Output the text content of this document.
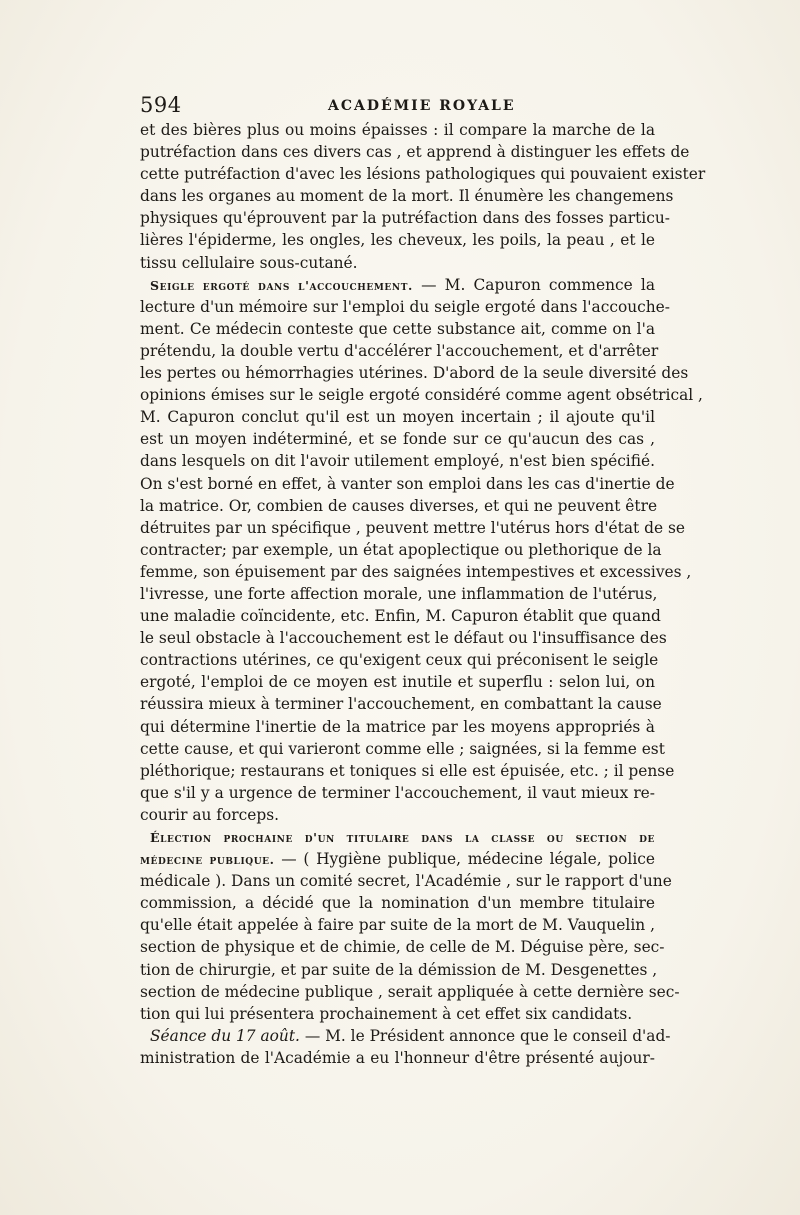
594	ACADÉMIE ROYALE
et des bières plus ou moins épaisses : il compare la marche de la
putréfaction dans ces divers cas , et apprend à distinguer les effets de
cette putréfaction d'avec les lésions pathologiques qui pouvaient exister
dans les organes au moment de la mort. Il énumère les changemens
physiques qu'éprouvent par la putréfaction dans des fosses particu-
lières l'épiderme, les ongles, les cheveux, les poils, la peau , et le
tissu cellulaire sous-cutané.
Seigle ergoté dans l'accouchement. — M. Capuron commence la
lecture d'un mémoire sur l'emploi du seigle ergoté dans l'accouche-
ment. Ce médecin conteste que cette substance ait, comme on l'a
prétendu, la double vertu d'accélérer l'accouchement, et d'arrêter
les pertes ou hémorrhagies utérines. D'abord de la seule diversité des
opinions émises sur le seigle ergoté considéré comme agent obsétrical ,
M. Capuron conclut qu'il est un moyen incertain ; il ajoute qu'il
est un moyen indéterminé, et se fonde sur ce qu'aucun des cas ,
dans lesquels on dit l'avoir utilement employé, n'est bien spécifié.
On s'est borné en effet, à vanter son emploi dans les cas d'inertie de
la matrice. Or, combien de causes diverses, et qui ne peuvent être
détruites par un spécifique , peuvent mettre l'utérus hors d'état de se
contracter; par exemple, un état apoplectique ou plethorique de la
femme, son épuisement par des saignées intempestives et excessives ,
l'ivresse, une forte affection morale, une inflammation de l'utérus,
une maladie coïncidente, etc. Enfin, M. Capuron établit que quand
le seul obstacle à l'accouchement est le défaut ou l'insuffisance des
contractions utérines, ce qu'exigent ceux qui préconisent le seigle
ergoté, l'emploi de ce moyen est inutile et superflu : selon lui, on
réussira mieux à terminer l'accouchement, en combattant la cause
qui détermine l'inertie de la matrice par les moyens appropriés à
cette cause, et qui varieront comme elle ; saignées, si la femme est
pléthorique; restaurans et toniques si elle est épuisée, etc. ; il pense
que s'il y a urgence de terminer l'accouchement, il vaut mieux re-
courir au forceps.
Élection prochaine d'un titulaire dans la classe ou section de
médecine publique. — ( Hygiène publique, médecine légale, police
médicale ). Dans un comité secret, l'Académie , sur le rapport d'une
commission, a décidé que la nomination d'un membre titulaire
qu'elle était appelée à faire par suite de la mort de M. Vauquelin ,
section de physique et de chimie, de celle de M. Déguise père, sec-
tion de chirurgie, et par suite de la démission de M. Desgenettes ,
section de médecine publique , serait appliquée à cette dernière sec-
tion qui lui présentera prochainement à cet effet six candidats.
Séance du 17 août. — M. le Président annonce que le conseil d'ad-
ministration de l'Académie a eu l'honneur d'être présenté aujour-
